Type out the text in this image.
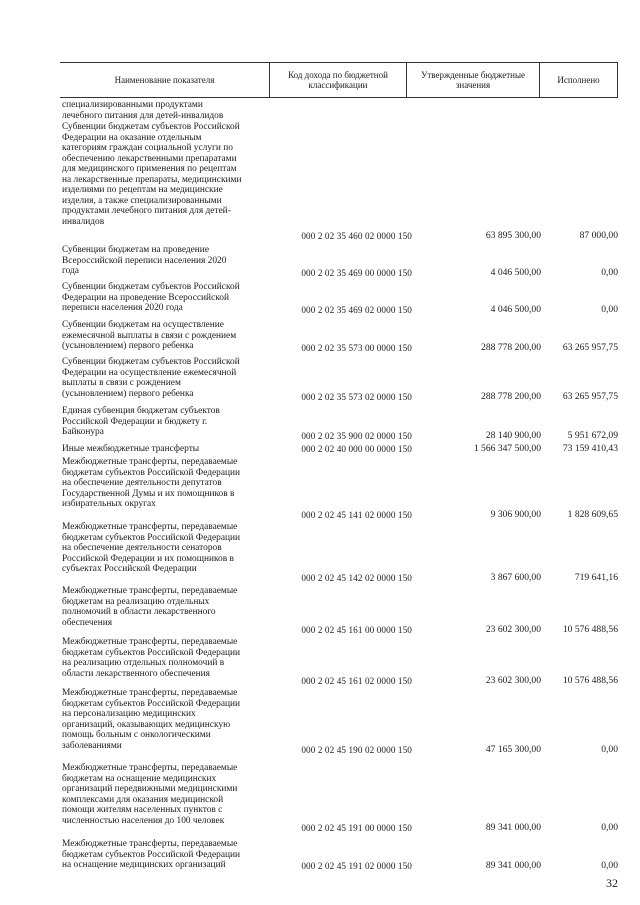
Наименование показателя	Код дохода по бюджетной классификации
Утвержденные бюджетные значения	Исполнено
специализированными продуктами
лечебного питания для детей-инвалидов
Субвенции бюджетам субъектов Российской
Федерации на оказание отдельным
категориям граждан социальной услуги по
обеспечению лекарственными препаратами
для медицинского применения по рецептам
на лекарственные препараты, медицинскими
изделиями по рецептам на медицинские
изделия, а также специализированными
продуктами лечебного питания для детей-
инвалидов
000 2 02 35 460 02 0000 150	63 895 300,00	87 000,00
Субвенции бюджетам на проведение
Всероссийской переписи населения 2020
года	000 2 02 35 469 00 0000 150	4 046 500,00	0,00
Субвенции бюджетам субъектов Российской
Федерации на проведение Всероссийской
переписи населения 2020 года	000 2 02 35 469 02 0000 150	4 046 500,00	0,00
Субвенции бюджетам на осуществление
ежемесячной выплаты в связи с рождением
(усыновлением) первого ребенка	000 2 02 35 573 00 0000 150	288 778 200,00	63 265 957,75
Субвенции бюджетам субъектов Российской
Федерации на осуществление ежемесячной
выплаты в связи с рождением
(усыновлением) первого ребенка	000 2 02 35 573 02 0000 150	288 778 200,00	63 265 957,75
Единая субвенция бюджетам субъектов
Российской Федерации и бюджету г.
Байконура	000 2 02 35 900 02 0000 150	28 140 900,00	5 951 672,09
Иные межбюджетные трансферты	000 2 02 40 000 00 0000 150	1 566 347 500,00	73 159 410,43
Межбюджетные трансферты, передаваемые
бюджетам субъектов Российской Федерации
на обеспечение деятельности депутатов
Государственной Думы и их помощников в
избирательных округах
000 2 02 45 141 02 0000 150	9 306 900,00	1 828 609,65
Межбюджетные трансферты, передаваемые
бюджетам субъектов Российской Федерации
на обеспечение деятельности сенаторов
Российской Федерации и их помощников в
субъектах Российской Федерации
000 2 02 45 142 02 0000 150	3 867 600,00	719 641,16
Межбюджетные трансферты, передаваемые
бюджетам на реализацию отдельных
полномочий в области лекарственного
обеспечения
000 2 02 45 161 00 0000 150	23 602 300,00	10 576 488,56
Межбюджетные трансферты, передаваемые
бюджетам субъектов Российской Федерации
на реализацию отдельных полномочий в
области лекарственного обеспечения
000 2 02 45 161 02 0000 150	23 602 300,00	10 576 488,56
Межбюджетные трансферты, передаваемые
бюджетам субъектов Российской Федерации
на персонализацию медицинских
организаций, оказывающих медицинскую
помощь больным с онкологическими
заболеваниями	000 2 02 45 190 02 0000 150	47 165 300,00	0,00
Межбюджетные трансферты, передаваемые
бюджетам на оснащение медицинских
организаций передвижными медицинскими
комплексами для оказания медицинской
помощи жителям населенных пунктов с
численностью населения до 100 человек
000 2 02 45 191 00 0000 150	89 341 000,00	0,00
Межбюджетные трансферты, передаваемые
бюджетам субъектов Российской Федерации
на оснащение медицинских организаций	000 2 02 45 191 02 0000 150	89 341 000,00	0,00
32
